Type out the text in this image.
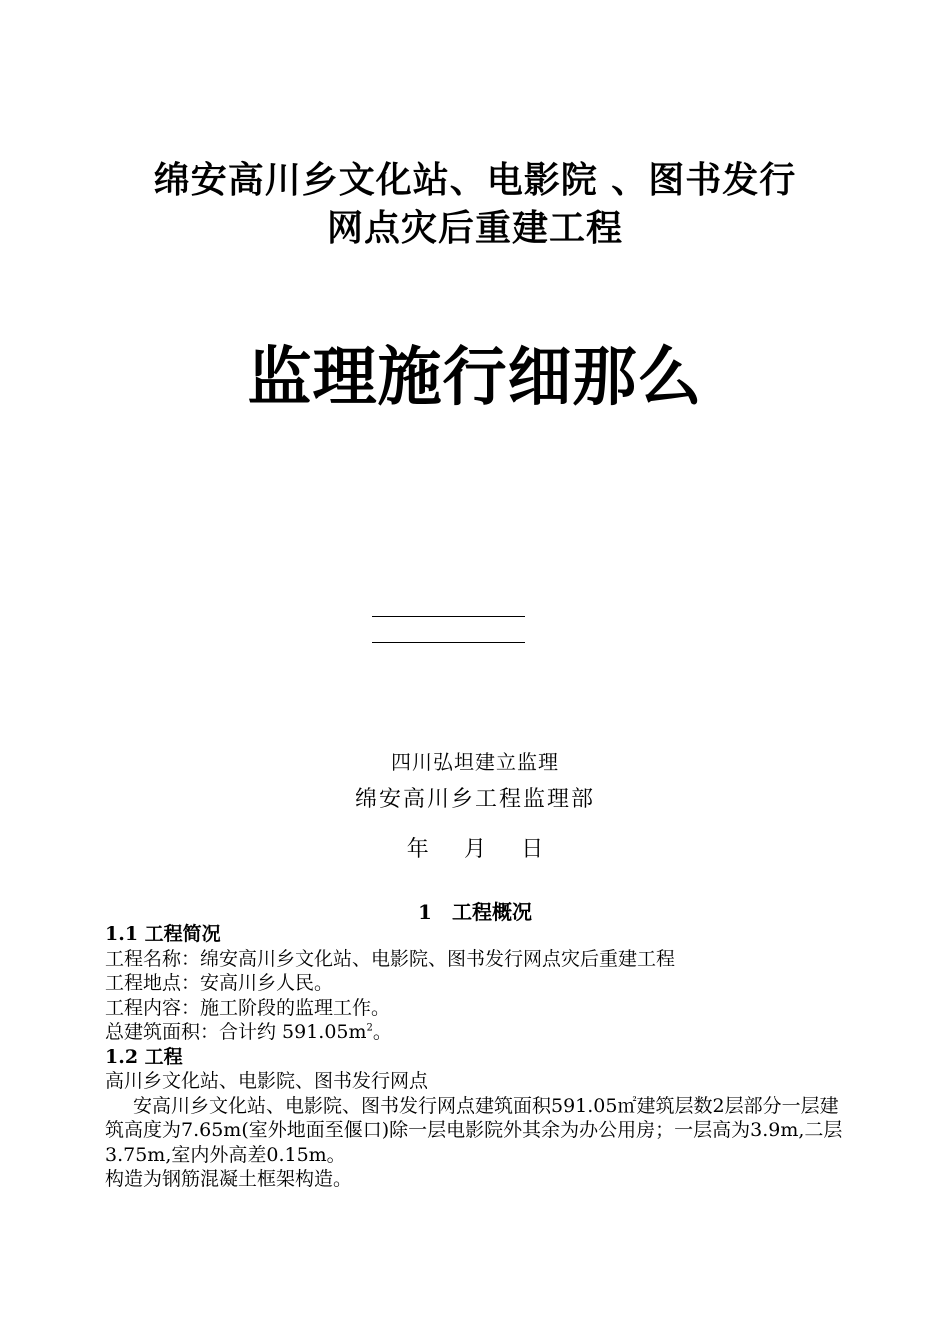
绵安高川乡文化站、电影院 、图书发行
网点灾后重建工程
监理施行细那么
四川弘坦建立监理
绵安高川乡工程监理部
年 月 日
1 工程概况
1.1 工程简况
工程名称：绵安高川乡文化站、电影院、图书发行网点灾后重建工程
工程地点：安高川乡人民。
工程内容：施工阶段的监理工作。
总建筑面积：合计约 $591.05m^2$。
1.2 工程
高川乡文化站、电影院、图书发行网点
安高川乡文化站、电影院、图书发行网点建筑面积591.05㎡建筑层数2层部分一层建筑高度为7.65m(室外地面至偃口)除一层电影院外其余为办公用房；一层高为3.9m,二层3.75m,室内外高差0.15m。
构造为钢筋混凝土框架构造。
